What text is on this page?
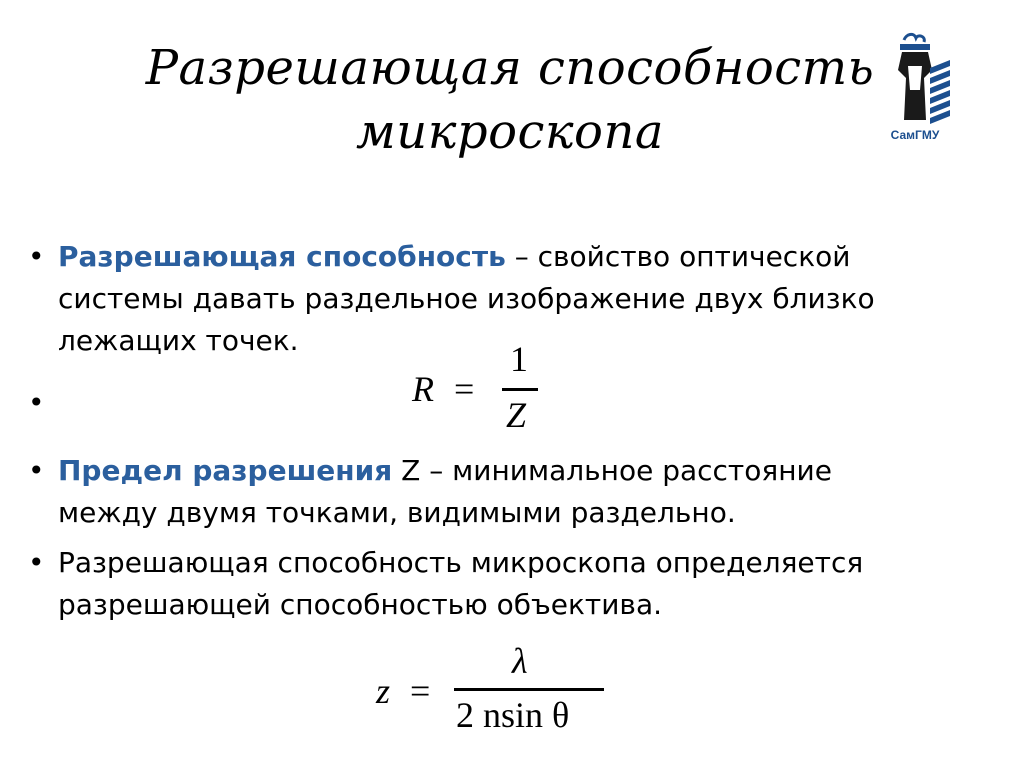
Разрешающая способность
микроскопа	СамГМУ
• Разрешающая способность – свойство оптической
системы давать раздельное изображение двух близко
лежащих точек.
•
• Предел разрешения Z – минимальное расстояние
между двумя точками, видимыми раздельно.
• Разрешающая способность микроскопа определяется
разрешающей способностью объектива.
R =
1
Z
z =
λ
2 nsin θ
